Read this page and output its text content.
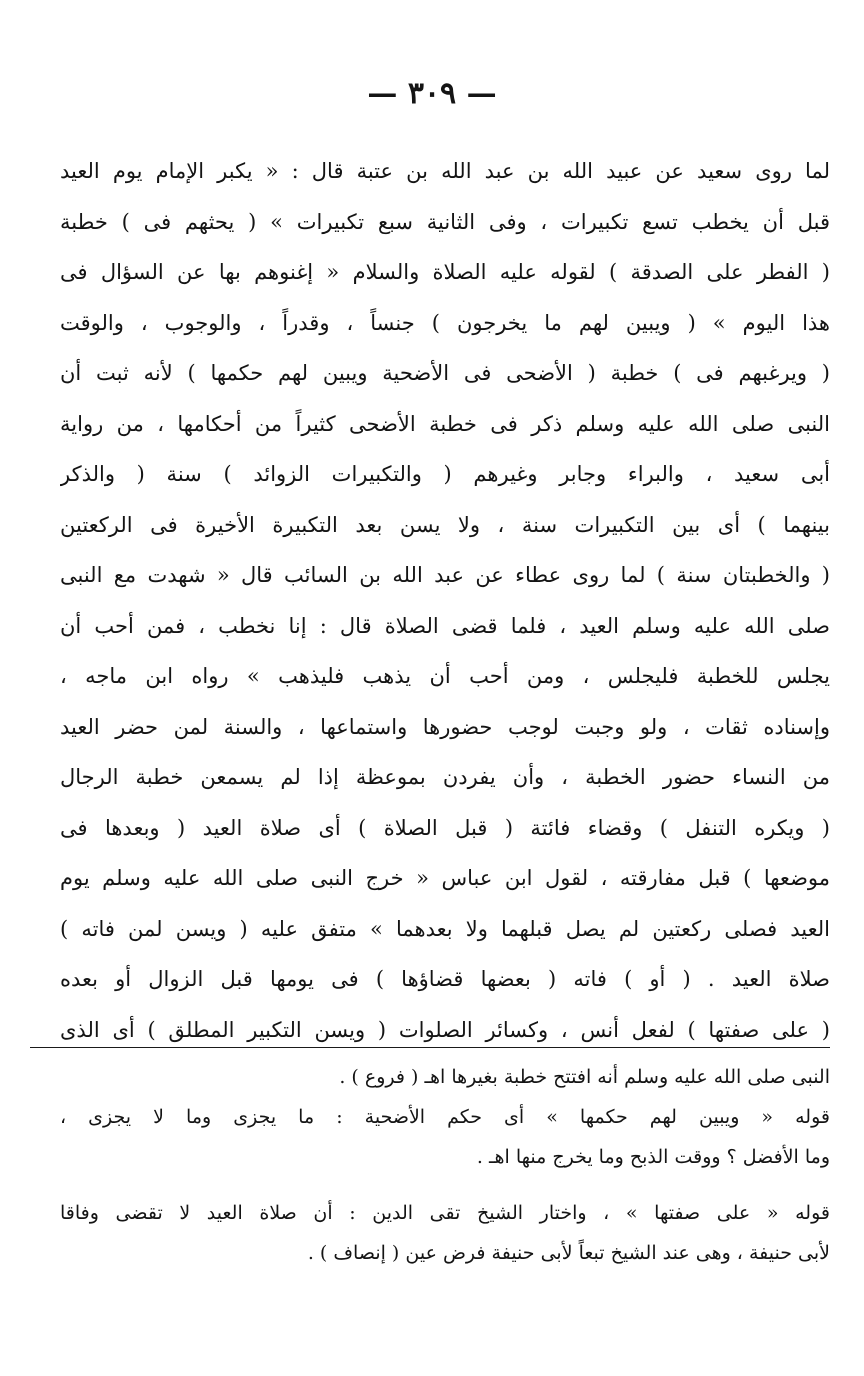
— ٣٠٩ —
لما روى سعيد عن عبيد الله بن عبد الله بن عتبة قال : « يكبر الإمام يوم العيد
قبل أن يخطب تسع تكبيرات ، وفى الثانية سبع تكبيرات » ( يحثهم فى ) خطبة
( الفطر على الصدقة ) لقوله عليه الصلاة والسلام « إغنوهم بها عن السؤال فى
هذا اليوم » ( ويبين لهم ما يخرجون ) جنساً ، وقدراً ، والوجوب ، والوقت
( ويرغبهم فى ) خطبة ( الأضحى فى الأضحية ويبين لهم حكمها ) لأنه ثبت أن
النبى صلى الله عليه وسلم ذكر فى خطبة الأضحى كثيراً من أحكامها ، من رواية
أبى سعيد ، والبراء وجابر وغيرهم ( والتكبيرات الزوائد ) سنة ( والذكر
بينهما ) أى بين التكبيرات سنة ، ولا يسن بعد التكبيرة الأخيرة فى الركعتين
( والخطبتان سنة ) لما روى عطاء عن عبد الله بن السائب قال « شهدت مع النبى
صلى الله عليه وسلم العيد ، فلما قضى الصلاة قال : إنا نخطب ، فمن أحب أن
يجلس للخطبة فليجلس ، ومن أحب أن يذهب فليذهب » رواه ابن ماجه ،
وإسناده ثقات ، ولو وجبت لوجب حضورها واستماعها ، والسنة لمن حضر العيد
من النساء حضور الخطبة ، وأن يفردن بموعظة إذا لم يسمعن خطبة الرجال
( ويكره التنفل ) وقضاء فائتة ( قبل الصلاة ) أى صلاة العيد ( وبعدها فى
موضعها ) قبل مفارقته ، لقول ابن عباس « خرج النبى صلى الله عليه وسلم يوم
العيد فصلى ركعتين لم يصل قبلهما ولا بعدهما » متفق عليه ( ويسن لمن فاته )
صلاة العيد . ( أو ) فاته ( بعضها قضاؤها ) فى يومها قبل الزوال أو بعده
( على صفتها ) لفعل أنس ، وكسائر الصلوات ( ويسن التكبير المطلق ) أى الذى
النبى صلى الله عليه وسلم أنه افتتح خطبة بغيرها اهـ ( فروع ) .
قوله « ويبين لهم حكمها » أى حكم الأضحية : ما يجزى وما لا يجزى ،
وما الأفضل ؟ ووقت الذبح وما يخرج منها اهـ .
قوله « على صفتها » ، واختار الشيخ تقى الدين : أن صلاة العيد لا تقضى وفاقا
لأبى حنيفة ، وهى عند الشيخ تبعاً لأبى حنيفة فرض عين ( إنصاف ) .
